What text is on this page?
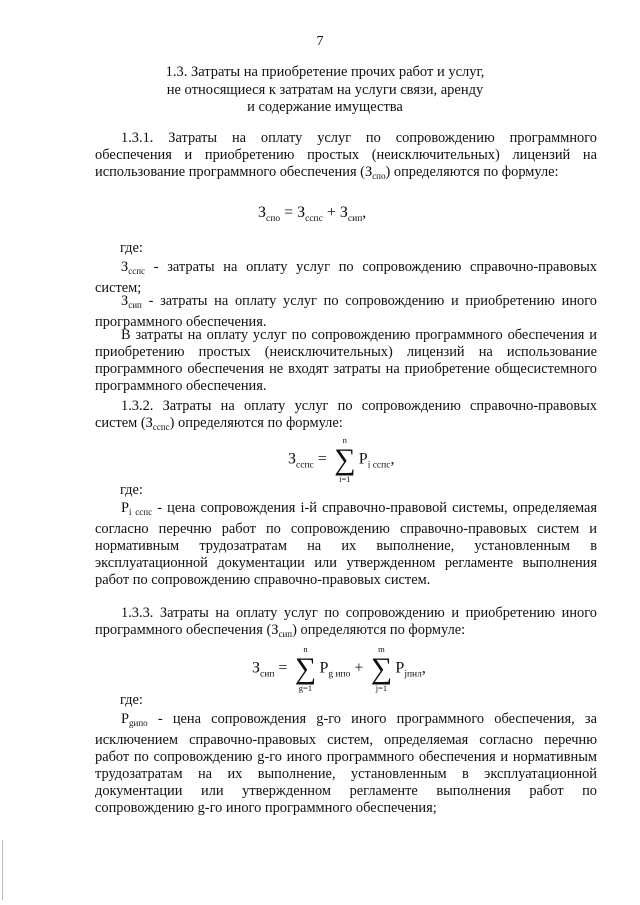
7
1.3. Затраты на приобретение прочих работ и услуг,
не относящиеся к затратам на услуги связи, аренду
и содержание имущества
1.3.1. Затраты на оплату услуг по сопровождению программного обеспечения и приобретению простых (неисключительных) лицензий на использование программного обеспечения $(З_{спо})$ определяются по формуле:
$З_{спо} = З_{сспс} + З_{сип}$,
где:
$З_{сспс}$ - затраты на оплату услуг по сопровождению справочно-правовых систем;
$З_{сип}$ - затраты на оплату услуг по сопровождению и приобретению иного программного обеспечения.
В затраты на оплату услуг по сопровождению программного обеспечения и приобретению простых (неисключительных) лицензий на использование программного обеспечения не входят затраты на приобретение общесистемного программного обеспечения.
1.3.2. Затраты на оплату услуг по сопровождению справочно-правовых систем $(З_{сспс})$ определяются по формуле:
$З_{сспс}$ =
n
∑
i=1
$P_{i сспс}$,
где:
$P_{i сспс}$ - цена сопровождения i-й справочно-правовой системы, определяемая согласно перечню работ по сопровождению справочно-правовых систем и нормативным трудозатратам на их выполнение, установленным в эксплуатационной документации или утвержденном регламенте выполнения работ по сопровождению справочно-правовых систем.
1.3.3. Затраты на оплату услуг по сопровождению и приобретению иного программного обеспечения $(З_{сип})$ определяются по формуле:
$З_{сип}$ =
n
∑
g=1
$P_{g ипо}$ +
m
∑
j=1
$P_{jпнл}$,
где:
$P_{gипо}$ - цена сопровождения g-го иного программного обеспечения, за исключением справочно-правовых систем, определяемая согласно перечню работ по сопровождению g-го иного программного обеспечения и нормативным трудозатратам на их выполнение, установленным в эксплуатационной документации или утвержденном регламенте выполнения работ по сопровождению g-го иного программного обеспечения;
